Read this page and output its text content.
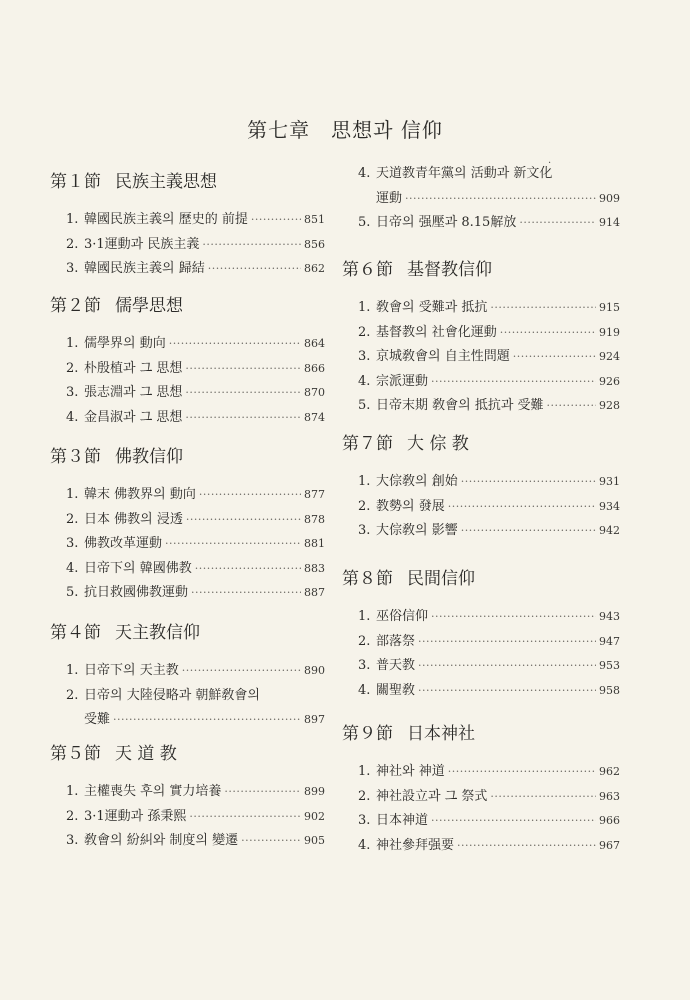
第七章　思想과 信仰
·
第１節 民族主義思想
1. 韓國民族主義의 歷史的 前提 ·····	851
2. 3·1運動과 民族主義 ·····	856
3. 韓國民族主義의 歸結 ·····	862
第２節 儒學思想
1. 儒學界의 動向 ·····	864
2. 朴殷植과 그 思想 ·····	866
3. 張志淵과 그 思想 ·····	870
4. 金昌淑과 그 思想 ·····	874
第３節 佛教信仰
1. 韓末 佛教界의 動向 ·····	877
2. 日本 佛教의 浸透 ·····	878
3. 佛教改革運動 ·····	881
4. 日帝下의 韓國佛教 ·····	883
5. 抗日救國佛教運動 ·····	887
第４節 天主教信仰
1. 日帝下의 天主教 ·····	890
2. 日帝의 大陸侵略과 朝鮮敎會의
受難 ·····	897
第５節 天 道 教
1. 主權喪失 후의 實力培養 ·····	899
2. 3·1運動과 孫秉熙 ·····	902
3. 敎會의 紛糾와 制度의 變遷 ·····	905
4. 天道教青年黨의 活動과 新文化
運動 ·····	909
5. 日帝의 强壓과 8.15解放 ·····	914
第６節 基督教信仰
1. 敎會의 受難과 抵抗 ·····	915
2. 基督教의 社會化運動 ·····	919
3. 京城敎會의 自主性問題 ·····	924
4. 宗派運動 ·····	926
5. 日帝末期 敎會의 抵抗과 受難 ·····	928
第７節 大 倧 教
1. 大倧敎의 創始 ·····	931
2. 教勢의 發展 ·····	934
3. 大倧敎의 影響 ·····	942
第８節 民間信仰
1. 巫俗信仰 ·····	943
2. 部落祭 ·····	947
3. 普天教 ·····	953
4. 關聖敎 ·····	958
第９節 日本神社
1. 神社와 神道 ·····	962
2. 神社設立과 그 祭式 ·····	963
3. 日本神道 ·····	966
4. 神社參拜强要 ·····	967
